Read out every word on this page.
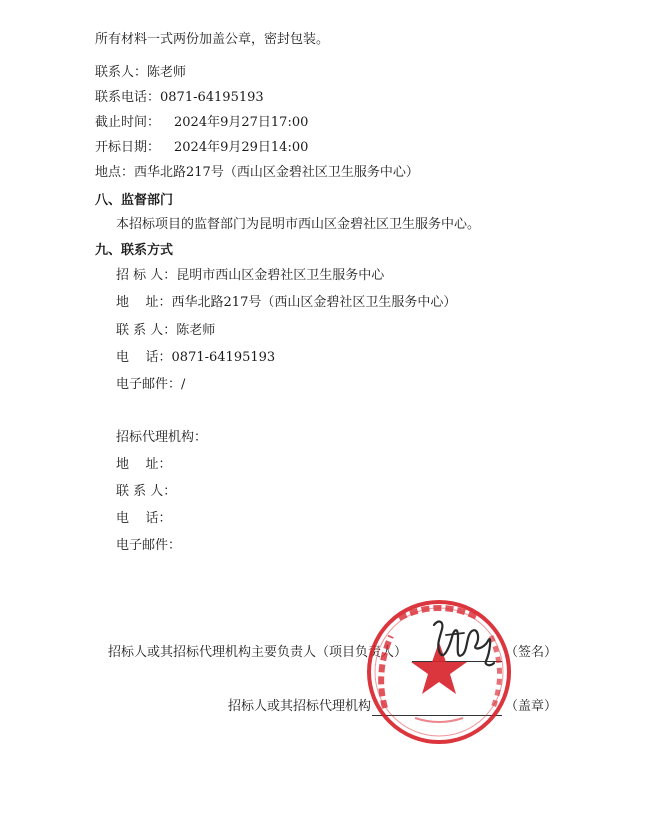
所有材料一式两份加盖公章，密封包装。
联系人：陈老师
联系电话：0871-64195193
截止时间： 2024年9月27日17:00
开标日期： 2024年9月29日14:00
地点：西华北路217号（西山区金碧社区卫生服务中心）
八、监督部门
本招标项目的监督部门为昆明市西山区金碧社区卫生服务中心。
九、联系方式
招 标 人：昆明市西山区金碧社区卫生服务中心
地    址：西华北路217号（西山区金碧社区卫生服务中心）
联 系 人：陈老师
电    话：0871-64195193
电子邮件：/
招标代理机构：
地    址：
联 系 人：
电    话：
电子邮件：
招标人或其招标代理机构主要负责人（项目负责人）	（签名）
招标人或其招标代理机构	（盖章）
